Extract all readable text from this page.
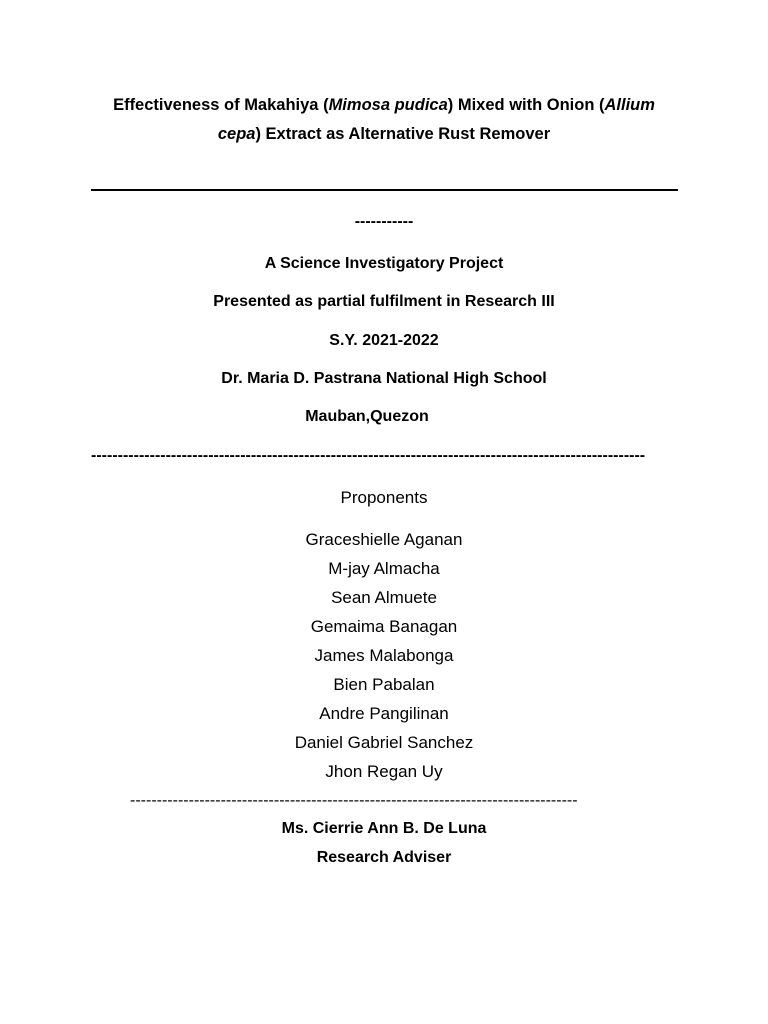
Effectiveness of Makahiya (Mimosa pudica) Mixed with Onion (Allium
cepa) Extract as Alternative Rust Remover
-----------
A Science Investigatory Project
Presented as partial fulfilment in Research III
S.Y. 2021-2022
Dr. Maria D. Pastrana National High School
Mauban,Quezon
--------------------------------------------------------------------------------------------------------
Proponents
Graceshielle Aganan
M-jay Almacha
Sean Almuete
Gemaima Banagan
James Malabonga
Bien Pabalan
Andre Pangilinan
Daniel Gabriel Sanchez
Jhon Regan Uy
------------------------------------------------------------------------------------
Ms. Cierrie Ann B. De Luna
Research Adviser
